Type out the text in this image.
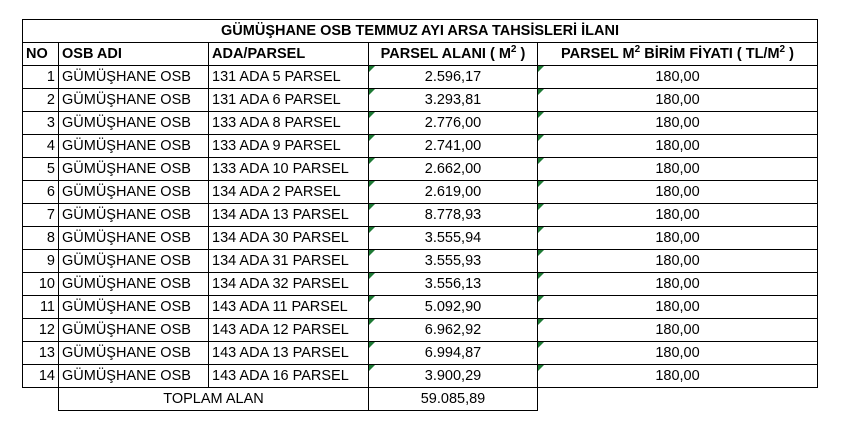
GÜMÜŞHANE OSB TEMMUZ AYI ARSA TAHSİSLERİ İLANI				
NO	OSB ADI	ADA/PARSEL	PARSEL ALANI ( $M^2$ )	PARSEL $M^2$ BİRİM FİYATI ( $TL/M^2$ )
1	GÜMÜŞHANE OSB	131 ADA 5 PARSEL	2.596,17	180,00
2	GÜMÜŞHANE OSB	131 ADA 6 PARSEL	3.293,81	180,00
3	GÜMÜŞHANE OSB	133 ADA 8 PARSEL	2.776,00	180,00
4	GÜMÜŞHANE OSB	133 ADA 9 PARSEL	2.741,00	180,00
5	GÜMÜŞHANE OSB	133 ADA 10 PARSEL	2.662,00	180,00
6	GÜMÜŞHANE OSB	134 ADA 2 PARSEL	2.619,00	180,00
7	GÜMÜŞHANE OSB	134 ADA 13 PARSEL	8.778,93	180,00
8	GÜMÜŞHANE OSB	134 ADA 30 PARSEL	3.555,94	180,00
9	GÜMÜŞHANE OSB	134 ADA 31 PARSEL	3.555,93	180,00
10	GÜMÜŞHANE OSB	134 ADA 32 PARSEL	3.556,13	180,00
11	GÜMÜŞHANE OSB	143 ADA 11 PARSEL	5.092,90	180,00
12	GÜMÜŞHANE OSB	143 ADA 12 PARSEL	6.962,92	180,00
13	GÜMÜŞHANE OSB	143 ADA 13 PARSEL	6.994,87	180,00
14	GÜMÜŞHANE OSB	143 ADA 16 PARSEL	3.900,29	180,00
	TOPLAM ALAN		59.085,89	
